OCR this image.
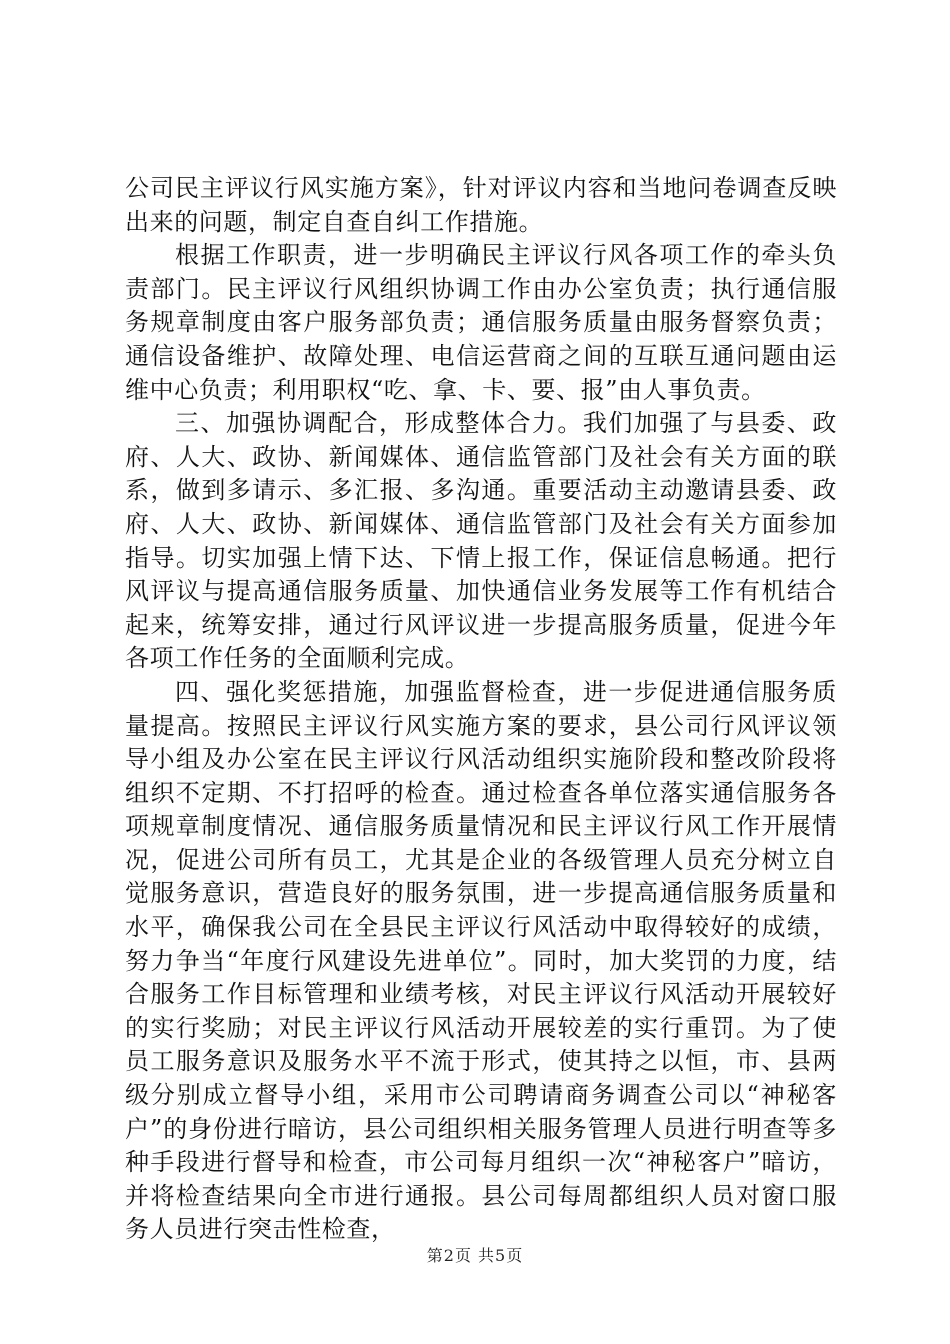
公司民主评议行风实施方案》，针对评议内容和当地问卷调查反映出来的问题，制定自查自纠工作措施。

根据工作职责，进一步明确民主评议行风各项工作的牵头负责部门。民主评议行风组织协调工作由办公室负责；执行通信服务规章制度由客户服务部负责；通信服务质量由服务督察负责；通信设备维护、故障处理、电信运营商之间的互联互通问题由运维中心负责；利用职权“吃、拿、卡、要、报”由人事负责。

三、加强协调配合，形成整体合力。我们加强了与县委、政府、人大、政协、新闻媒体、通信监管部门及社会有关方面的联系，做到多请示、多汇报、多沟通。重要活动主动邀请县委、政府、人大、政协、新闻媒体、通信监管部门及社会有关方面参加指导。切实加强上情下达、下情上报工作，保证信息畅通。把行风评议与提高通信服务质量、加快通信业务发展等工作有机结合起来，统筹安排，通过行风评议进一步提高服务质量，促进今年各项工作任务的全面顺利完成。

四、强化奖惩措施，加强监督检查，进一步促进通信服务质量提高。按照民主评议行风实施方案的要求，县公司行风评议领导小组及办公室在民主评议行风活动组织实施阶段和整改阶段将组织不定期、不打招呼的检查。通过检查各单位落实通信服务各项规章制度情况、通信服务质量情况和民主评议行风工作开展情况，促进公司所有员工，尤其是企业的各级管理人员充分树立自觉服务意识，营造良好的服务氛围，进一步提高通信服务质量和水平，确保我公司在全县民主评议行风活动中取得较好的成绩，努力争当“年度行风建设先进单位”。同时，加大奖罚的力度，结合服务工作目标管理和业绩考核，对民主评议行风活动开展较好的实行奖励；对民主评议行风活动开展较差的实行重罚。为了使员工服务意识及服务水平不流于形式，使其持之以恒，市、县两级分别成立督导小组，采用市公司聘请商务调查公司以“神秘客户”的身份进行暗访，县公司组织相关服务管理人员进行明查等多种手段进行督导和检查，市公司每月组织一次“神秘客户”暗访，并将检查结果向全市进行通报。县公司每周都组织人员对窗口服务人员进行突击性检查，

第2页 共5页
